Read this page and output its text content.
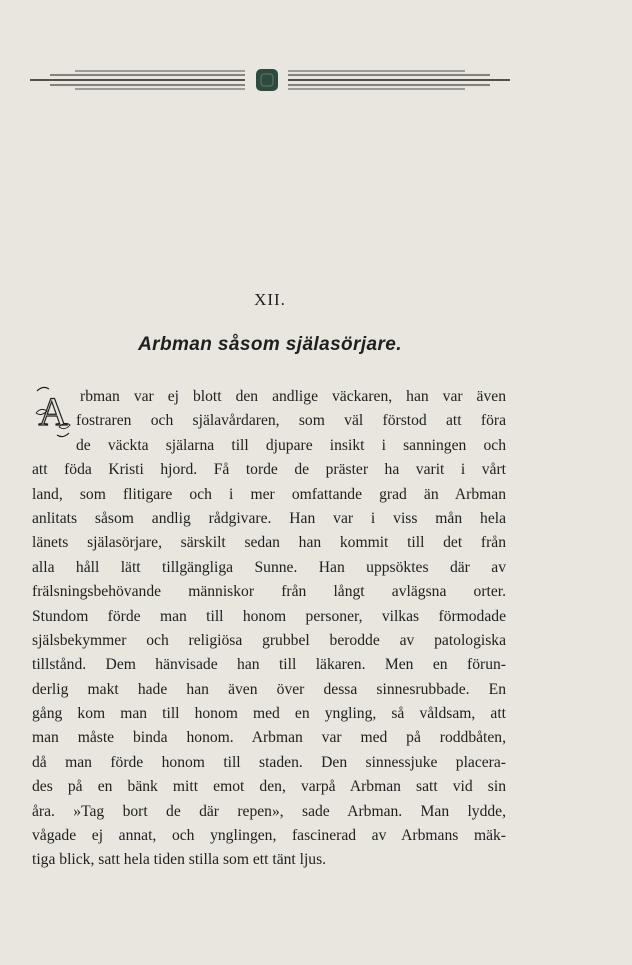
XII.
Arbman såsom själasörjare.
A rbman var ej blott den andlige väckaren, han var även
fostraren och själavårdaren, som väl förstod att föra
de väckta själarna till djupare insikt i sanningen och
att föda Kristi hjord. Få torde de präster ha varit i vårt
land, som flitigare och i mer omfattande grad än Arbman
anlitats såsom andlig rådgivare. Han var i viss mån hela
länets själasörjare, särskilt sedan han kommit till det från
alla håll lätt tillgängliga Sunne. Han uppsöktes där av
frälsningsbehövande människor från långt avlägsna orter.
Stundom förde man till honom personer, vilkas förmodade
själsbekymmer och religiösa grubbel berodde av patologiska
tillstånd. Dem hänvisade han till läkaren. Men en förun-
derlig makt hade han även över dessa sinnesrubbade. En
gång kom man till honom med en yngling, så våldsam, att
man måste binda honom. Arbman var med på roddbåten,
då man förde honom till staden. Den sinnessjuke placera-
des på en bänk mitt emot den, varpå Arbman satt vid sin
åra. »Tag bort de där repen», sade Arbman. Man lydde,
vågade ej annat, och ynglingen, fascinerad av Arbmans mäk-
tiga blick, satt hela tiden stilla som ett tänt ljus.
